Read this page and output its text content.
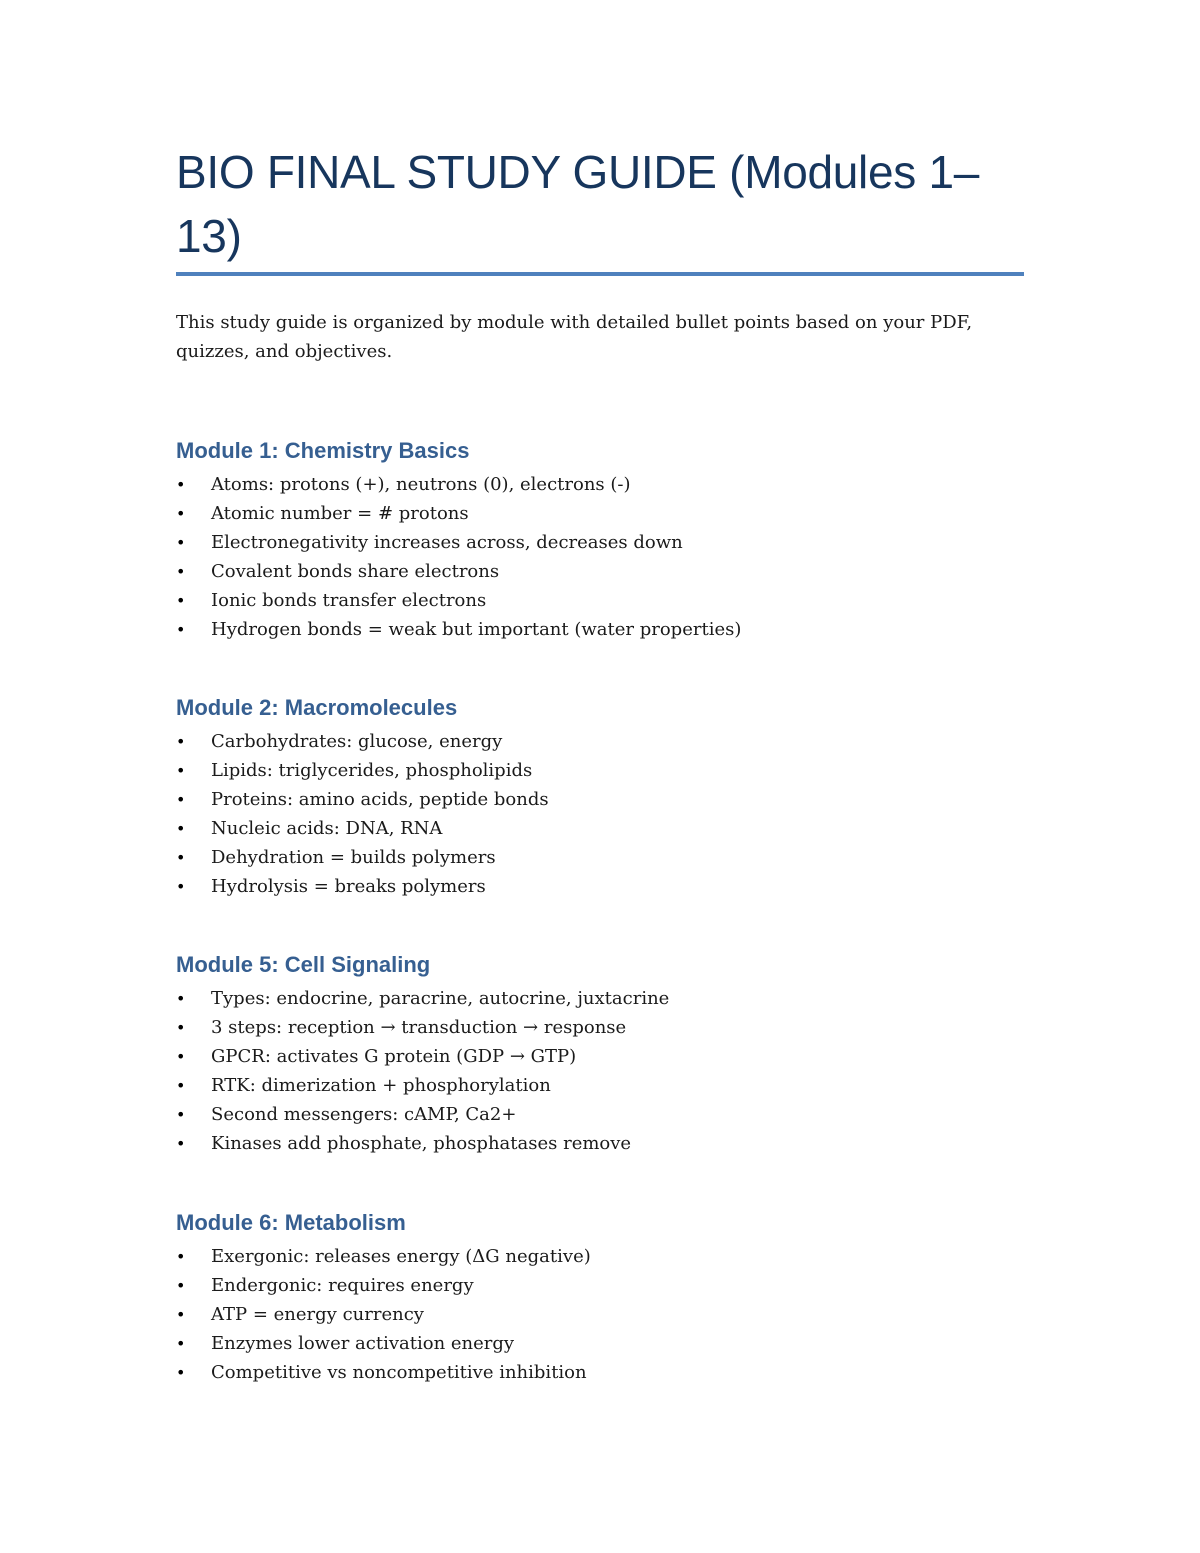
BIO FINAL STUDY GUIDE (Modules 1–13)

This study guide is organized by module with detailed bullet points based on your PDF, quizzes, and objectives.

Module 1: Chemistry Basics
• Atoms: protons (+), neutrons (0), electrons (-)
• Atomic number = # protons
• Electronegativity increases across, decreases down
• Covalent bonds share electrons
• Ionic bonds transfer electrons
• Hydrogen bonds = weak but important (water properties)
Module 2: Macromolecules
• Carbohydrates: glucose, energy
• Lipids: triglycerides, phospholipids
• Proteins: amino acids, peptide bonds
• Nucleic acids: DNA, RNA
• Dehydration = builds polymers
• Hydrolysis = breaks polymers
Module 5: Cell Signaling
• Types: endocrine, paracrine, autocrine, juxtacrine
• 3 steps: reception → transduction → response
• GPCR: activates G protein (GDP → GTP)
• RTK: dimerization + phosphorylation
• Second messengers: cAMP, Ca2+
• Kinases add phosphate, phosphatases remove
Module 6: Metabolism
• Exergonic: releases energy (ΔG negative)
• Endergonic: requires energy
• ATP = energy currency
• Enzymes lower activation energy
• Competitive vs noncompetitive inhibition
